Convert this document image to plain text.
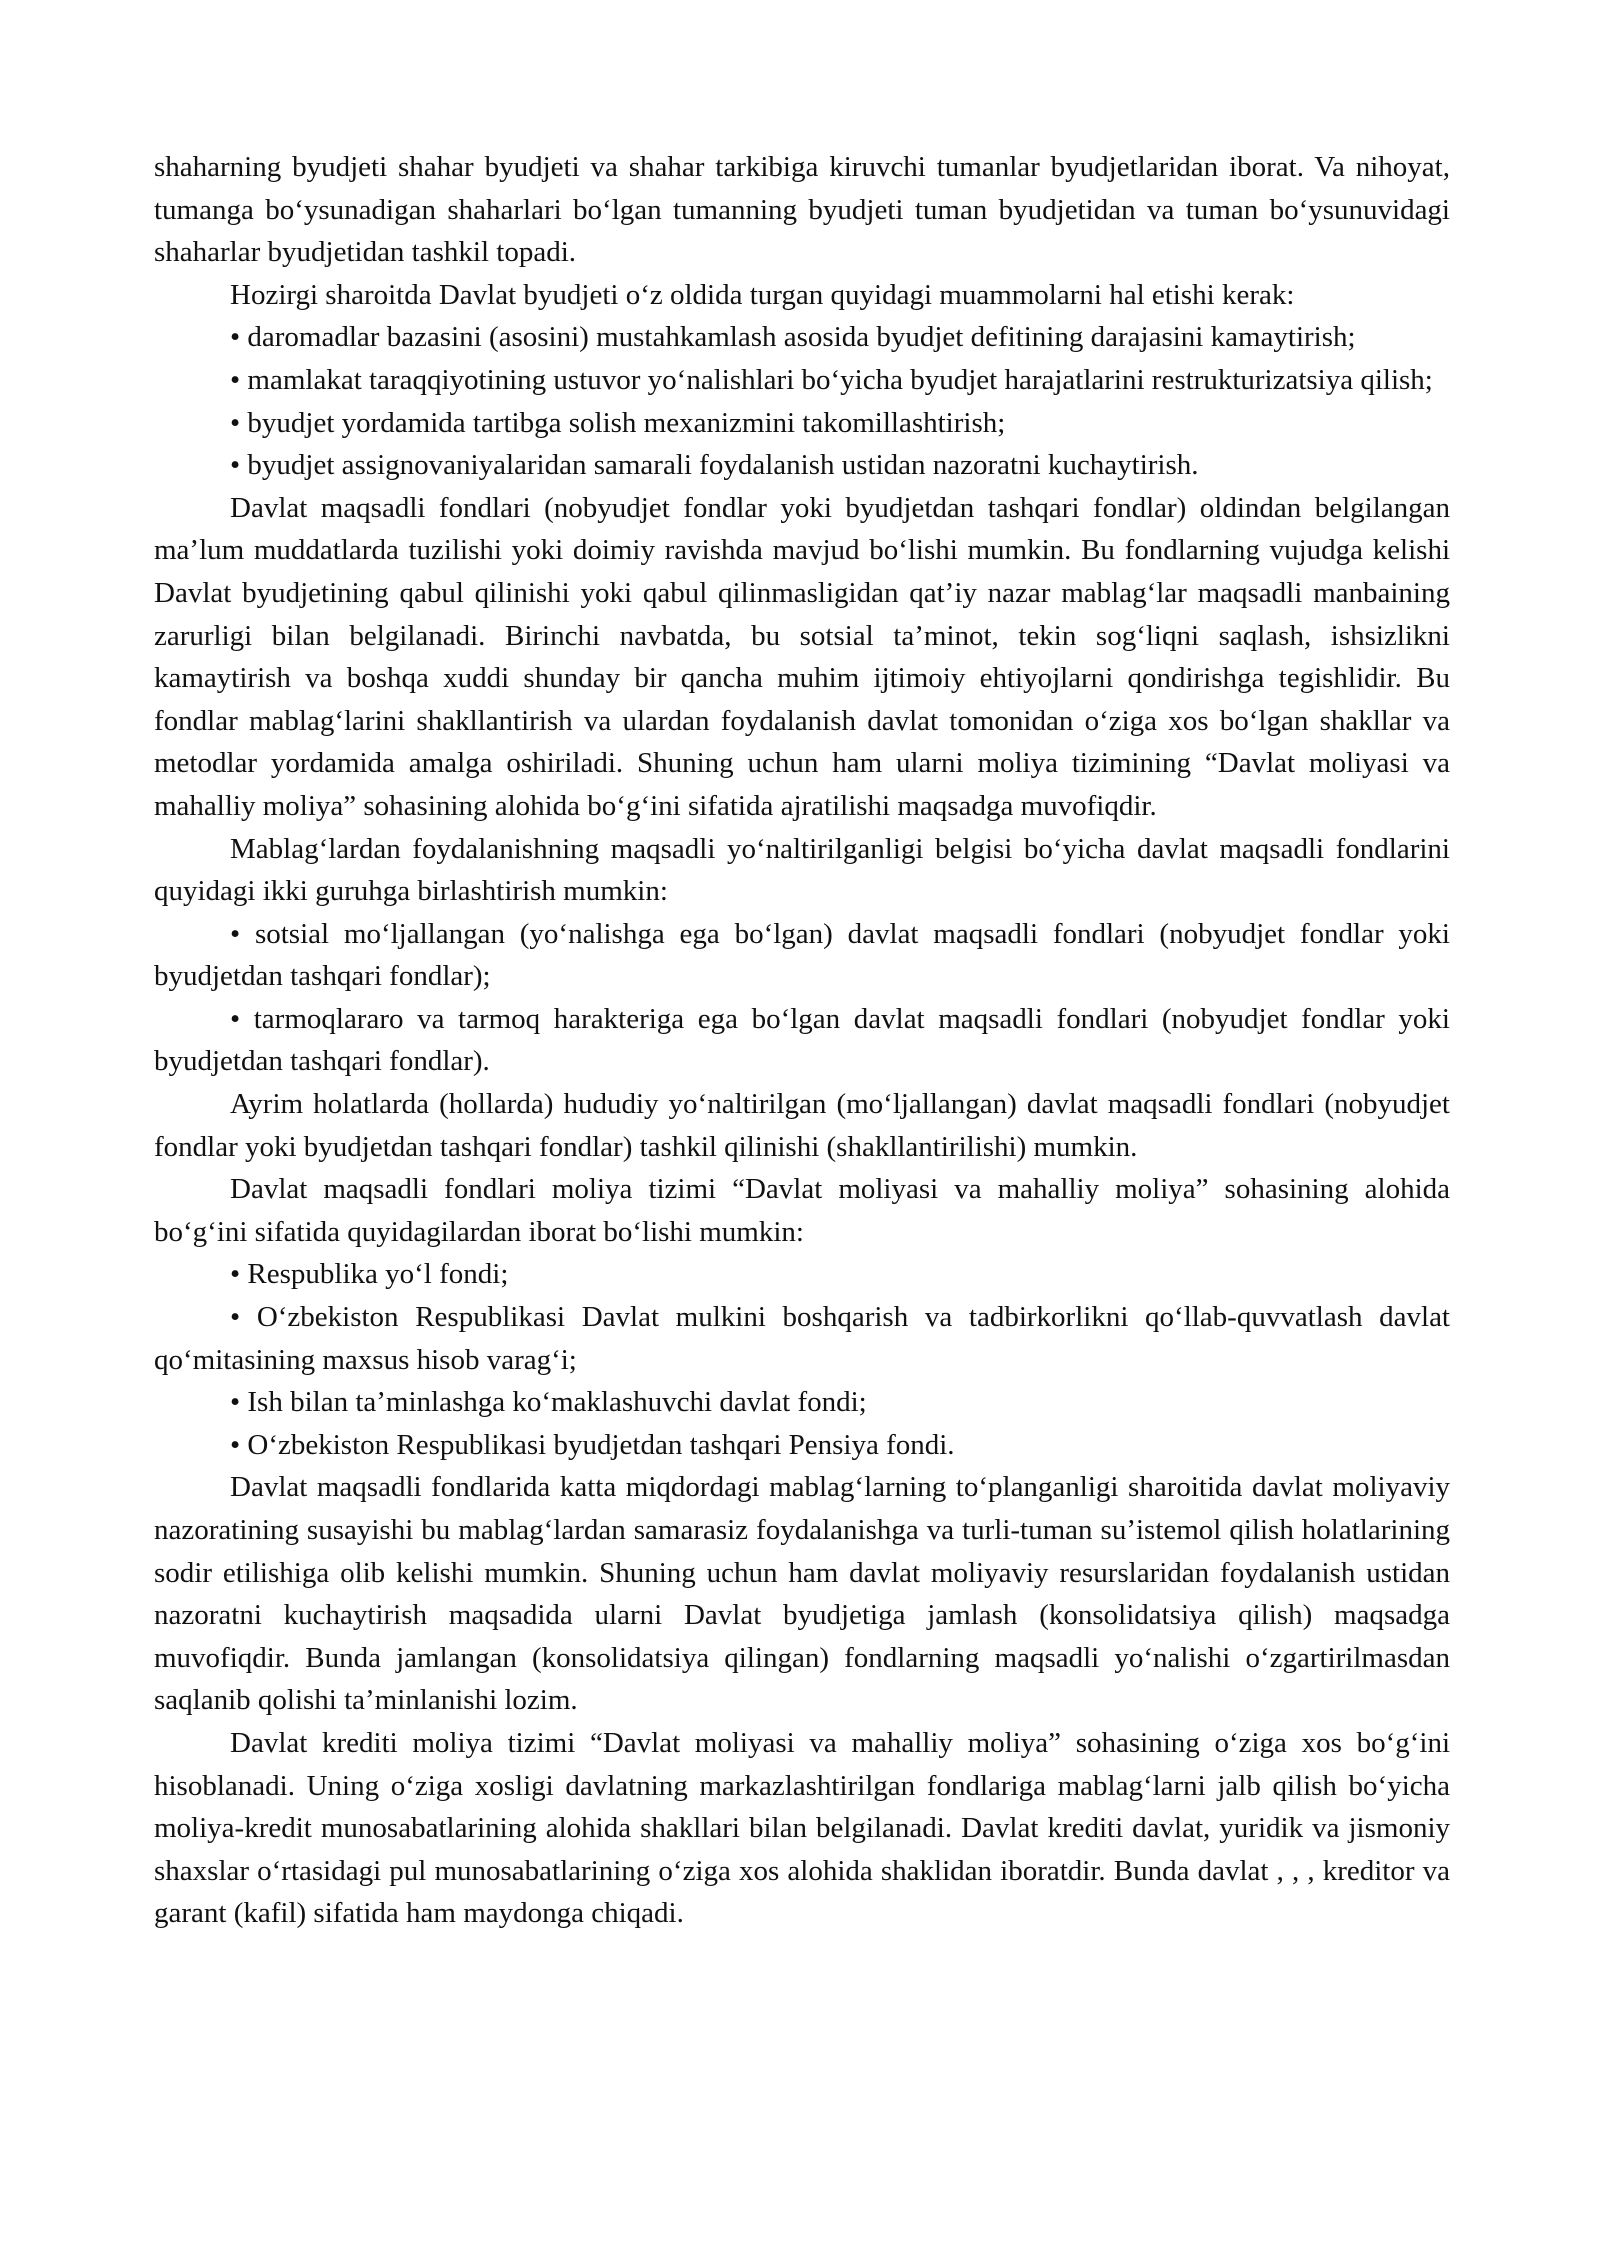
shaharning byudjeti shahar byudjeti va shahar tarkibiga kiruvchi tumanlar byudjetlaridan iborat. Va nihoyat, tumanga bo‘ysunadigan shaharlari bo‘lgan tumanning byudjeti tuman byudjetidan va tuman bo‘ysunuvidagi shaharlar byudjetidan tashkil topadi.

Hozirgi sharoitda Davlat byudjeti o‘z oldida turgan quyidagi muammolarni hal etishi kerak:

• daromadlar bazasini (asosini) mustahkamlash asosida byudjet defitining darajasini kamaytirish;

• mamlakat taraqqiyotining ustuvor yo‘nalishlari bo‘yicha byudjet harajatlarini restrukturizatsiya qilish;

• byudjet yordamida tartibga solish mexanizmini takomillashtirish;

• byudjet assignovaniyalaridan samarali foydalanish ustidan nazoratni kuchaytirish.

Davlat maqsadli fondlari (nobyudjet fondlar yoki byudjetdan tashqari fondlar) oldindan belgilangan ma’lum muddatlarda tuzilishi yoki doimiy ravishda mavjud bo‘lishi mumkin. Bu fondlarning vujudga kelishi Davlat byudjetining qabul qilinishi yoki qabul qilinmasligidan qat’iy nazar mablag‘lar maqsadli manbaining zarurligi bilan belgilanadi. Birinchi navbatda, bu sotsial ta’minot, tekin sog‘liqni saqlash, ishsizlikni kamaytirish va boshqa xuddi shunday bir qancha muhim ijtimoiy ehtiyojlarni qondirishga tegishlidir. Bu fondlar mablag‘larini shakllantirish va ulardan foydalanish davlat tomonidan o‘ziga xos bo‘lgan shakllar va metodlar yordamida amalga oshiriladi. Shuning uchun ham ularni moliya tizimining “Davlat moliyasi va mahalliy moliya” sohasining alohida bo‘g‘ini sifatida ajratilishi maqsadga muvofiqdir.

Mablag‘lardan foydalanishning maqsadli yo‘naltirilganligi belgisi bo‘yicha davlat maqsadli fondlarini quyidagi ikki guruhga birlashtirish mumkin:

• sotsial mo‘ljallangan (yo‘nalishga ega bo‘lgan) davlat maqsadli fondlari (nobyudjet fondlar yoki byudjetdan tashqari fondlar);

• tarmoqlararo va tarmoq harakteriga ega bo‘lgan davlat maqsadli fondlari (nobyudjet fondlar yoki byudjetdan tashqari fondlar).

Ayrim holatlarda (hollarda) hududiy yo‘naltirilgan (mo‘ljallangan) davlat maqsadli fondlari (nobyudjet fondlar yoki byudjetdan tashqari fondlar) tashkil qilinishi (shakllantirilishi) mumkin.

Davlat maqsadli fondlari moliya tizimi “Davlat moliyasi va mahalliy moliya” sohasining alohida bo‘g‘ini sifatida quyidagilardan iborat bo‘lishi mumkin:

• Respublika yo‘l fondi;

• O‘zbekiston Respublikasi Davlat mulkini boshqarish va tadbirkorlikni qo‘llab-quvvatlash davlat qo‘mitasining maxsus hisob varag‘i;

• Ish bilan ta’minlashga ko‘maklashuvchi davlat fondi;

• O‘zbekiston Respublikasi byudjetdan tashqari Pensiya fondi.

Davlat maqsadli fondlarida katta miqdordagi mablag‘larning to‘planganligi sharoitida davlat moliyaviy nazoratining susayishi bu mablag‘lardan samarasiz foydalanishga va turli-tuman su’istemol qilish holatlarining sodir etilishiga olib kelishi mumkin. Shuning uchun ham davlat moliyaviy resurslaridan foydalanish ustidan nazoratni kuchaytirish maqsadida ularni Davlat byudjetiga jamlash (konsolidatsiya qilish) maqsadga muvofiqdir. Bunda jamlangan (konsolidatsiya qilingan) fondlarning maqsadli yo‘nalishi o‘zgartirilmasdan saqlanib qolishi ta’minlanishi lozim.

Davlat krediti moliya tizimi “Davlat moliyasi va mahalliy moliya” sohasining o‘ziga xos bo‘g‘ini hisoblanadi. Uning o‘ziga xosligi davlatning markazlashtirilgan fondlariga mablag‘larni jalb qilish bo‘yicha moliya-kredit munosabatlarining alohida shakllari bilan belgilanadi. Davlat krediti davlat, yuridik va jismoniy shaxslar o‘rtasidagi pul munosabatlarining o‘ziga xos alohida shaklidan iboratdir. Bunda davlat , , , kreditor va garant (kafil) sifatida ham maydonga chiqadi.
